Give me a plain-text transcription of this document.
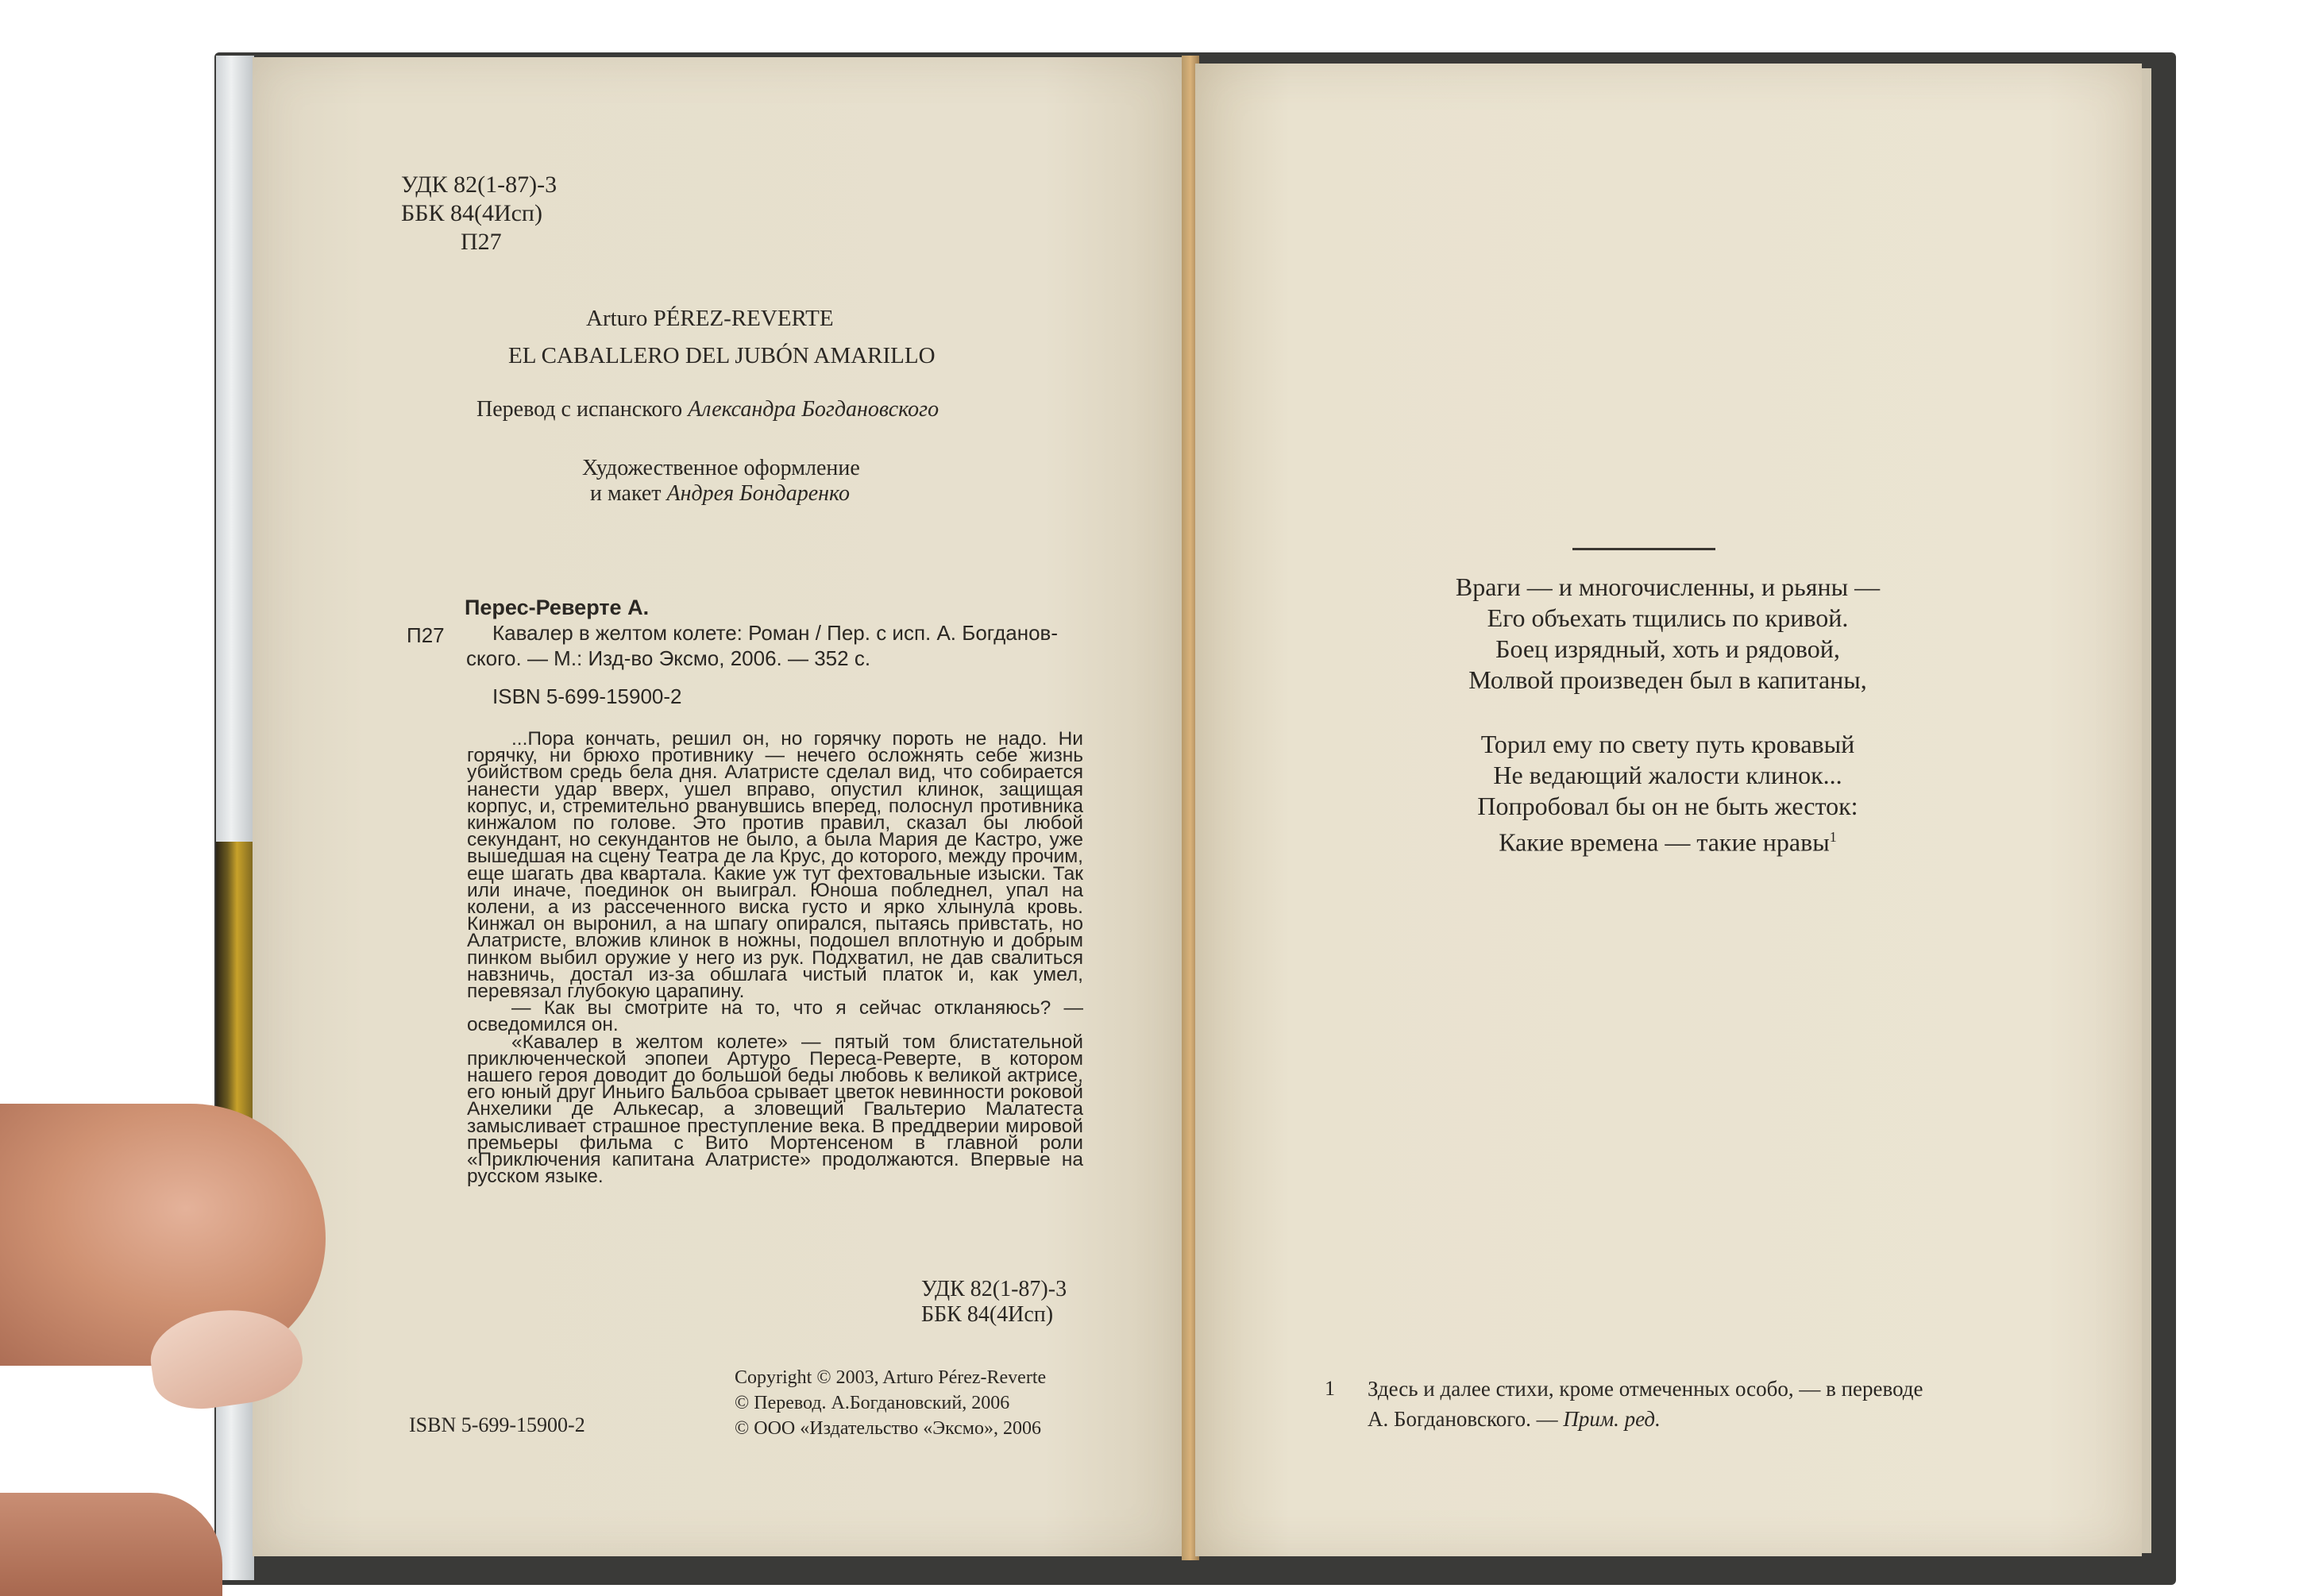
УДК 82(1-87)-3
ББК 84(4Исп)
П27
Arturo PÉREZ-REVERTE
EL CABALLERO DEL JUBÓN AMARILLO
Перевод с испанского Александра Богдановского
Художественное оформление
и макет Андрея Бондаренко
П27
Перес-Реверте А.
Кавалер в желтом колете: Роман / Пер. с исп. А. Богданов-
ского. — М.: Изд-во Эксмо, 2006. — 352 с.
ISBN 5-699-15900-2

...Пора кончать, решил он, но горячку пороть не надо. Ни горячку, ни брюхо противнику — нечего осложнять себе жизнь убийством средь бела дня. Алатристе сделал вид, что собирается нанести удар вверх, ушел вправо, опустил клинок, защищая корпус, и, стремительно рванувшись вперед, полоснул противника кинжалом по голове. Это против правил, сказал бы любой секундант, но секундантов не было, а была Мария де Кастро, уже вышедшая на сцену Театра де ла Крус, до которого, между прочим, еще шагать два квартала. Какие уж тут фехтовальные изыски. Так или иначе, поединок он выиграл. Юноша побледнел, упал на колени, а из рассеченного виска густо и ярко хлынула кровь. Кинжал он выронил, а на шпагу опирался, пытаясь привстать, но Алатристе, вложив клинок в ножны, подошел вплотную и добрым пинком выбил оружие у него из рук. Подхватил, не дав свалиться навзничь, достал из-за обшлага чистый платок и, как умел, перевязал глубокую царапину.

— Как вы смотрите на то, что я сейчас откланяюсь? — осведомился он.

«Кавалер в желтом колете» — пятый том блистательной приключенческой эпопеи Артуро Переса-Реверте, в котором нашего героя доводит до большой беды любовь к великой актрисе, его юный друг Иньиго Бальбоа срывает цветок невинности роковой Анхелики де Алькесар, а зловещий Гвальтерио Малатеста замысливает страшное преступление века. В преддверии мировой премьеры фильма с Вито Мортенсеном в главной роли «Приключения капитана Алатристе» продолжаются. Впервые на русском языке.

УДК 82(1-87)-3
ББК 84(4Исп)
ISBN 5-699-15900-2
Copyright © 2003, Arturo Pérez-Reverte
© Перевод. А.Богдановский, 2006
© ООО «Издательство «Эксмо», 2006
Враги — и многочисленны, и рьяны —
Его объехать тщились по кривой.
Боец изрядный, хоть и рядовой,
Молвой произведен был в капитаны,
Торил ему по свету путь кровавый
Не ведающий жалости клинок...
Попробовал бы он не быть жесток:
Какие времена — такие нравы$^1$
1 Здесь и далее стихи, кроме отмеченных особо, — в переводе
А. Богдановского. — Прим. ред.
